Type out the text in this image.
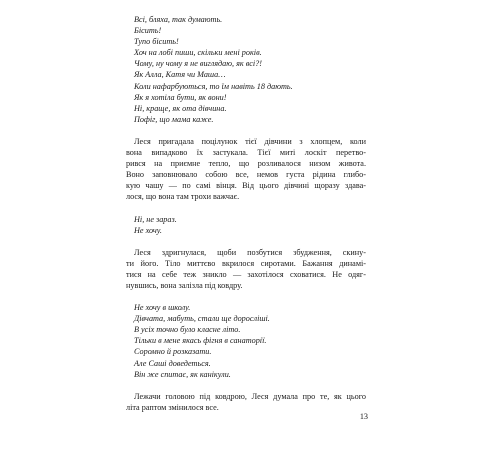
Всі, бляха, так думають.
Бісить!
Тупо бісить!
Хоч на лобі пиши, скільки мені років.
Чому, ну чому я не виглядаю, як всі?!
Як Алла, Катя чи Маша…
Коли нафарбуються, то їм навіть 18 дають.
Як я хотіла бути, як вони!
Ні, краще, як ота дівчина.
Пофіг, що мама каже.
Леся пригадала поцілунок тієї дівчини з хлопцем, коли
вона випадково їх застукала. Тієї миті лоскіт перетво-
рився на приємне тепло, що розливалося низом живота.
Воно заповнювало собою все, немов густа рідина глибо-
кую чашу — по самі вінця. Від цього дівчині щоразу здава-
лося, що вона там трохи важчає.
Ні, не зараз.
Не хочу.
Леся здригнулася, щоби позбутися збудження, скину-
ти його. Тіло миттєво вкрилося сиротами. Бажання динамі-
тися на себе теж зникло — захотілося сховатися. Не одяг-
нувшись, вона залізла під ковдру.
Не хочу в школу.
Дівчата, мабуть, стали ще дорослішi.
В усіх точно було класне літо.
Тільки в мене якась фігня в санаторії.
Соромно й розказати.
Але Саші доведеться.
Він же спитає, як канікули.
Лежачи головою під ковдрою, Леся думала про те, як цього
літа раптом змінилося все.
13
